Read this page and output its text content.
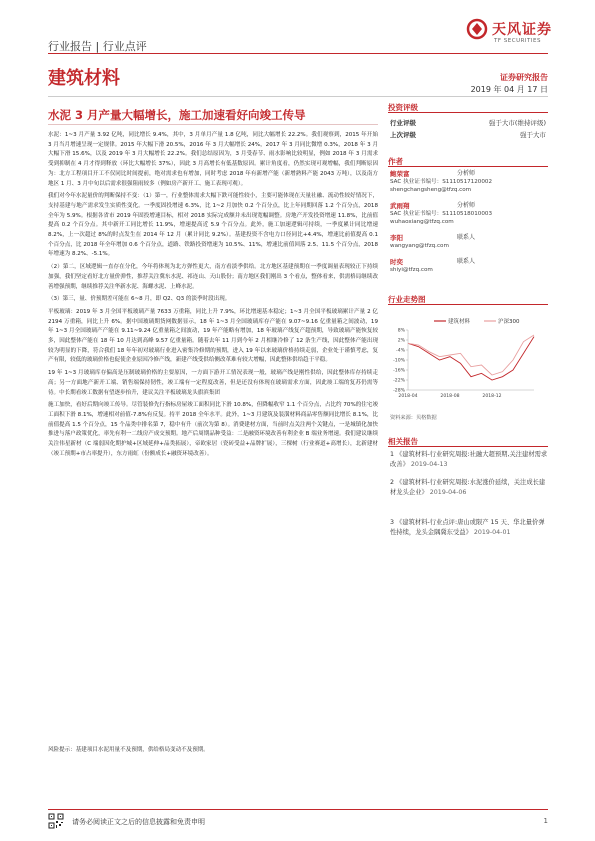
天风证券
TF SECURITIES
行业报告 | 行业点评
建筑材料	证券研究报告
2019 年 04 月 17 日
水泥 3 月产量大幅增长，施工加速看好向竣工传导

水泥：1~3 月产量 3.92 亿吨，同比增长 9.4%，其中，3 月单月产量 1.8 亿吨，同比大幅增长 22.2%。我们观察到，2015 年开始 3 月当月增速呈现一定规律。2015 年大幅下滑 20.5%，2016 年 3 月大幅增长 24%，2017 年 3 月同比微增 0.3%，2018 年 3 月大幅下滑 15.6%，以及 2019 年 3 月大幅增长 22.2%。我们总结原因为，3 月受春节、雨水影响比较明显，例如 2018 年 3 月需求受到抑制在 4 月才得到释放（环比大幅增长 37%），因此 3 月高增长有低基数原因。累计角度看，仍然实现可观增幅，我们判断原因为：北方工程项目开工不仅同比时间提前，绝对需求也有增加，同时考虑 2018 年有新增产能（新增熟料产能 2043 万吨），以及南方地区 1 月、3 月中旬以后需求很强阻雨较多（例如房产新开工、施工表现可观）。

我们对今年水泥量价的判断保持不变：（1）第一，行业整体需求大幅下跌可能性较小，主要可能体现在天量社融、流动性较好情况下，支持基建与地产需求发生实质性变化。一季度固投增速 6.3%，比 1~2 月加快 0.2 个百分点，比上年同期回落 1.2 个百分点，2018 全年为 5.9%。根据各省市 2019 年固投增速目标，相对 2018 实际完成额并未出现宽幅调整。房地产开发投资增速 11.8%，比前值提高 0.2 个百分点。其中新开工同比增长 11.9%，增速提高近 5.9 个百分点。此外，施工加速逻辑可持续，一季度累计同比增速 8.2%，上一次超过 8%的时点发生在 2014 年 12 月（累计同比 9.2%）。基建投资不含电力口径同比+4.4%，增速比前值提高 0.1 个百分点，比 2018 年全年增加 0.6 个百分点，道路、铁路投资增速为 10.5%、11%，增速比前值回落 2.5、11.5 个百分点，2018 年增速为 8.2%、-5.1%。

（2）第二，区域逻辑一直存在分化，今年将体现为北方弹性更大，南方看淡季供给。北方地区基建预期在一季度调量表现较正下持续加强，我们坚定看好北方量价弹性，推荐关注冀东水泥、祁连山、天山股份；南方地区我们刚出 3 个看点，整体看来，供需格局继续改善增强预期，继续推荐关注华新水泥、海螺水泥、上峰水泥。

（3）第三，量、价预期差可能在 6~8 月，即 Q2、Q3 的淡季时段出现。

平板玻璃：2019 年 3 月全国平板玻璃产量 7633 万重箱，同比上升 7.9%，环比增速基本稳定；1~3 月全国平板玻璃累计产量 2 亿 2194 万重箱，同比上升 6%。据中国玻璃期货网数据显示，18 年 1~3 月全国玻璃库存产能在 9.07~9.16 亿重量箱之间波动，19 年 1~3 月全国玻璃产产能在 9.11~9.24 亿重量箱之间波动，19 年产能略有增加，18 年玻璃产线复产超预期，导致玻璃产能恢复较多，因此整体产能在 18 年 10 月达到高峰 9.57 亿重量箱。随着去年 11 月到今年 2 月相继冷修了 12 条生产线，因此整体产能出现较为明显的下降，符合我们 18 年年初对玻璃行业进入密集冷修期的预期，进入 19 年以来玻璃价格持续走弱，企业处于谨慎考虑，复产有限，较低的玻璃价格也促使企业原因冷修产线，新建产线受供给侧改革难有较大增幅，因此整体供给趋于平稳。

19 年 1~3 月玻璃库存偏高是压制玻璃价格的主要原因，一方面下游开工情况表现一般，玻璃产线是刚性供给，因此整体库存持续走高；另一方面地产新开工端、销售端保持韧性，竣工端有一定程度改善，但是还没有体现在玻璃需求方面，因此竣工端的复苏仍需等待。中长期看竣工数据有望逐步抬升，建议关注平板玻璃龙头旗滨集团

施工加快，看好后期向竣工传导。尽管装修先行指标房屋竣工面积同比下滑 10.8%，但降幅收窄 1.1 个百分点，占比约 70%的住宅竣工面积下滑 8.1%，增速相对前值-7.8%有反复。持平 2018 全年水平。此外，1~3 月建筑及装潢材料商品零售额同比增长 8.1%，比前值提高 1.5 个百分点，15 个品类中排名第 7，稳中有升（前次为第 8）。消费建材方面，当前时点关注两个关键点，一是城镇化加快推进与落户政策优化，率先有利一二线房产成交预期。地产后周期品种受益：二是融资环境改善有利企业 B 端业务增速。我们建议继续关注伟星新材（C 端弱因化期护城+区域延伸+品类拓展），帝欧家居（瓷砖受益+品牌扩展），三棵树（行业赛道+高增长），北新建材（竣工预期+市占率提升），东方雨虹（份额成长+融资环境改善）。

风险提示：基建项目水泥用量不及预期，供给格局变动不及预期。
投资评级
行业评级	强于大市(维持评级)
上次评级	强于大市
作者
鲍荣富	分析师
SAC 执业证书编号：S1110517120002
shengchangsheng@tfzq.com
武雨翔	分析师
SAC 执业证书编号：S1110518010003
wuhaoxiang@tfzq.com
李阳	联系人
wangyang@tfzq.com
时奕	联系人
shiyi@tfzq.com
行业走势图
建筑材料	沪深300
8%
2%
-4%
-10%
-16%
-22%
-28%
2018-04	2018-08	2018-12
资料来源：贝格数据
相关报告
1 《建筑材料-行业研究周报:社融大超预期,关注建材需求改善》 2019-04-13
2 《建筑材料-行业研究周报:水泥涨价延续，关注成长建材龙头企业》 2019-04-06
3 《建筑材料-行业点评:唐山或限产 15 天、华北量价弹性持续，龙头金隅冀东受益》 2019-04-01
请务必阅读正文之后的信息披露和免责申明	1
